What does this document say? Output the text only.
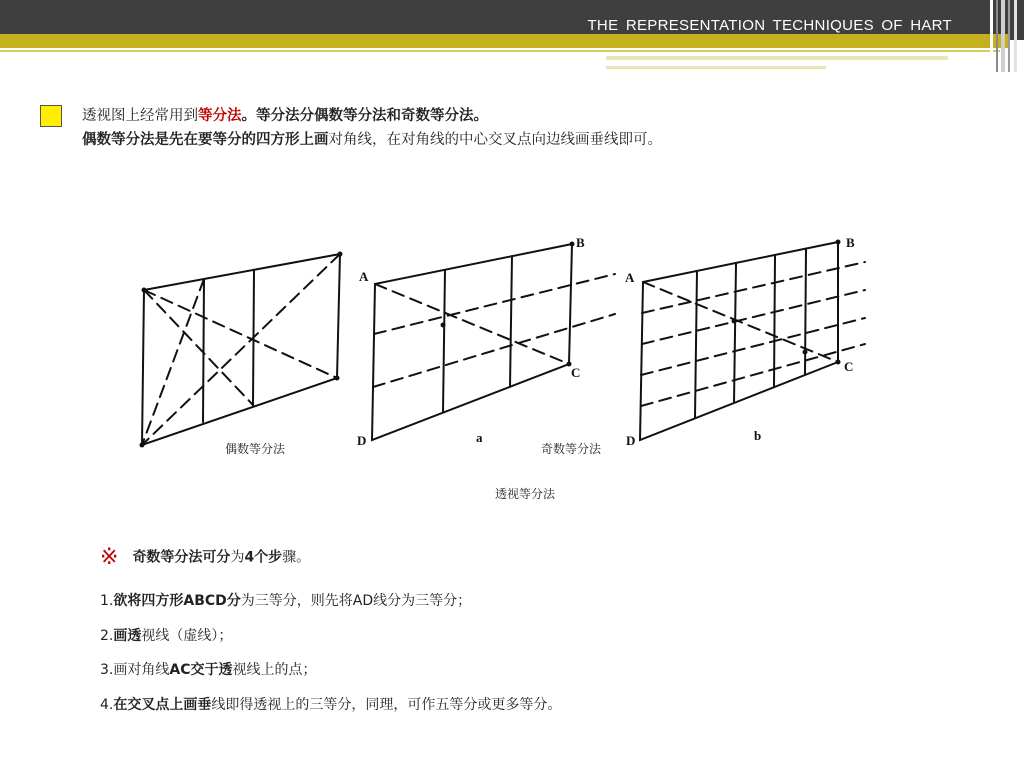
THE REPRESENTATION TECHNIQUES OF HART
透视图上经常用到等分法。等分法分偶数等分法和奇数等分法。
偶数等分法是先在要等分的四方形上画对角线，在对角线的中心交叉点向边线画垂线即可。
A
B
C
D	a
A
B
C
D	b
偶数等分法	奇数等分法
透视等分法
※ 奇数等分法可分为4个步骤。
1.欲将四方形ABCD分为三等分，则先将AD线分为三等分；
2.画透视线（虚线）；
3.画对角线AC交于透视线上的点；
4.在交叉点上画垂线即得透视上的三等分，同理，可作五等分或更多等分。
